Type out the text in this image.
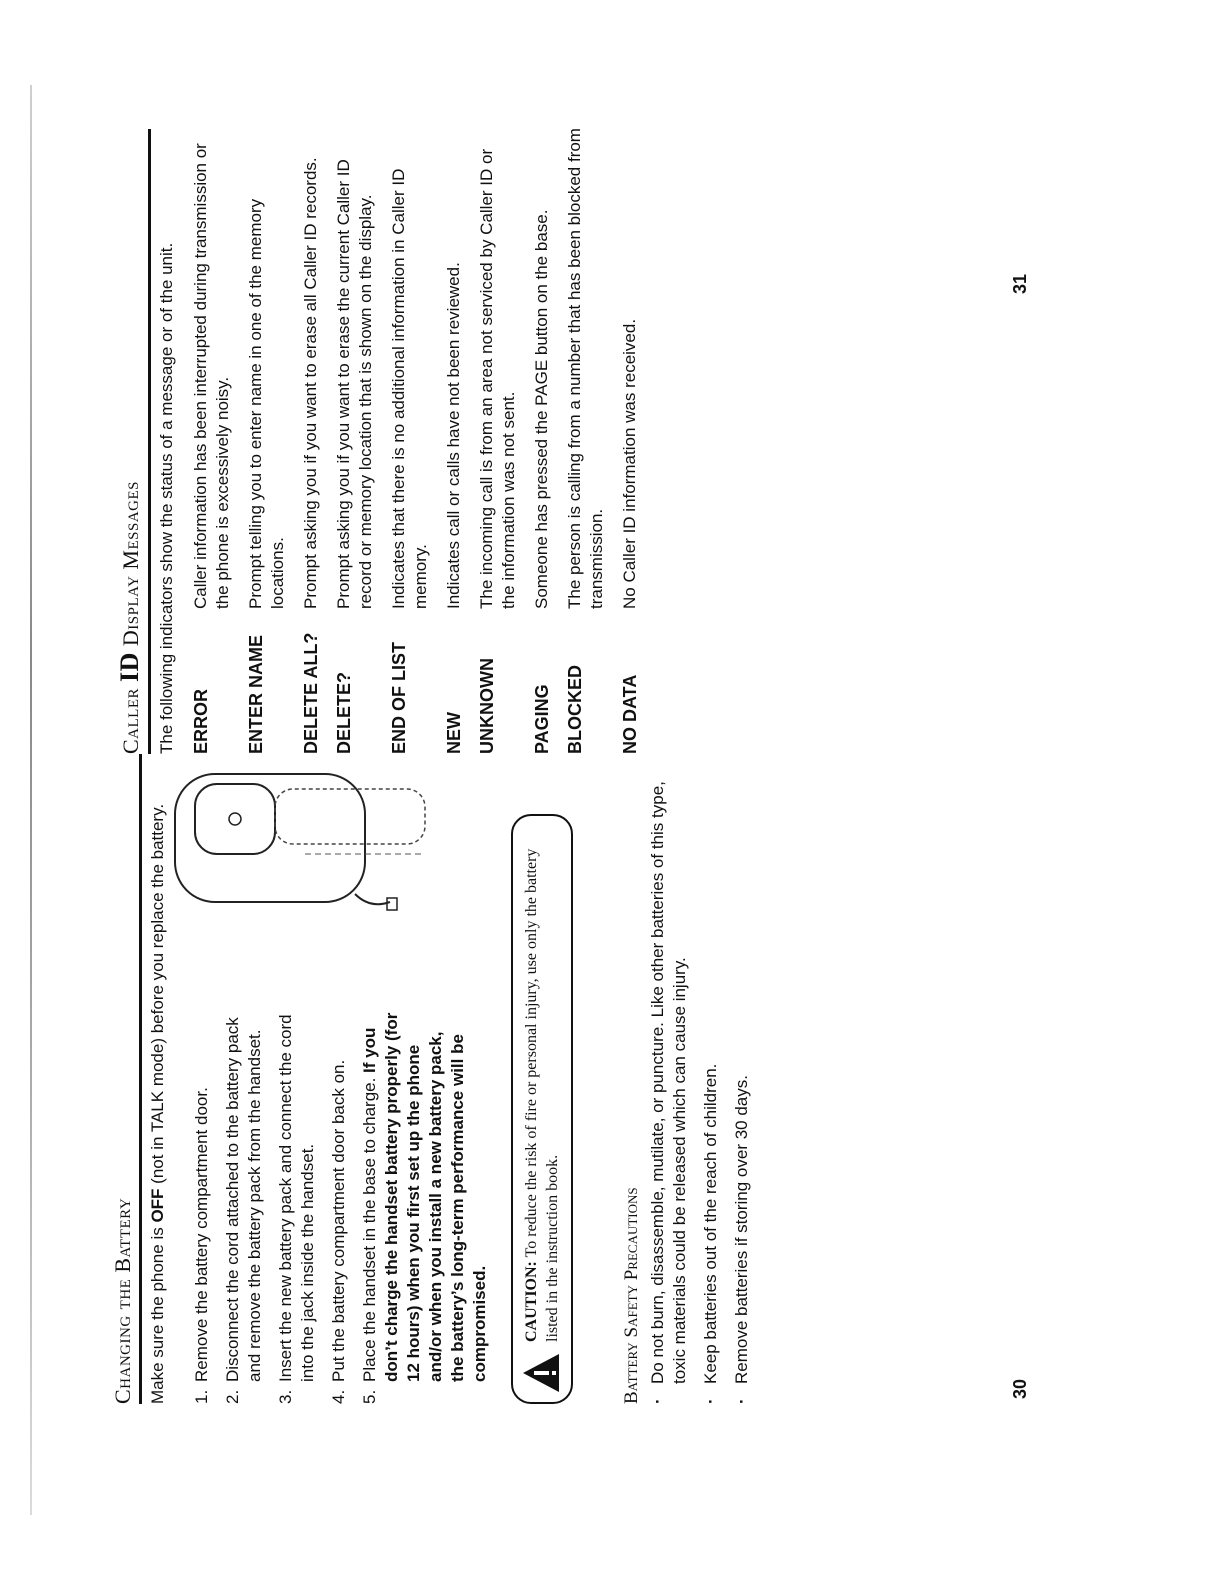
Changing the Battery Make sure the phone is OFF (not in TALK mode) before you replace the battery.

1.
Remove the battery compartment door.
2.
Disconnect the cord attached to the battery pack and remove the battery pack from the handset.
3.
Insert the new battery pack and connect the cord into the jack inside the handset.
4.
Put the battery compartment door back on.
5.
Place the handset in the base to charge. If you don’t charge the handset battery properly (for 12 hours) when you first set up the phone and/or when you install a new battery pack, the battery’s long-term performance will be compromised.	CAUTION: To reduce the risk of fire or personal injury, use only the battery listed in the instruction book.	Battery Safety Precautions ·
Do not burn, disassemble, mutilate, or puncture. Like other batteries of this type, toxic materials could be released which can cause injury.
·
Keep batteries out of the reach of children.
·
Remove batteries if storing over 30 days.
30
Caller ID Display Messages The following indicators show the status of a message or of the unit. ERROR	Caller information has been interrupted during transmission or the phone is excessively noisy.
ENTER NAME	Prompt telling you to enter name in one of the memory locations.
DELETE ALL?	Prompt asking you if you want to erase all Caller ID records.
DELETE?	Prompt asking you if you want to erase the current Caller ID record or memory location that is shown on the display.
END OF LIST	Indicates that there is no additional information in Caller ID memory.
NEW	Indicates call or calls have not been reviewed.
UNKNOWN	The incoming call is from an area not serviced by Caller ID or the information was not sent.
PAGING	Someone has pressed the PAGE button on the base.
BLOCKED	The person is calling from a number that has been blocked from transmission.
NO DATA	No Caller ID information was received.
31
